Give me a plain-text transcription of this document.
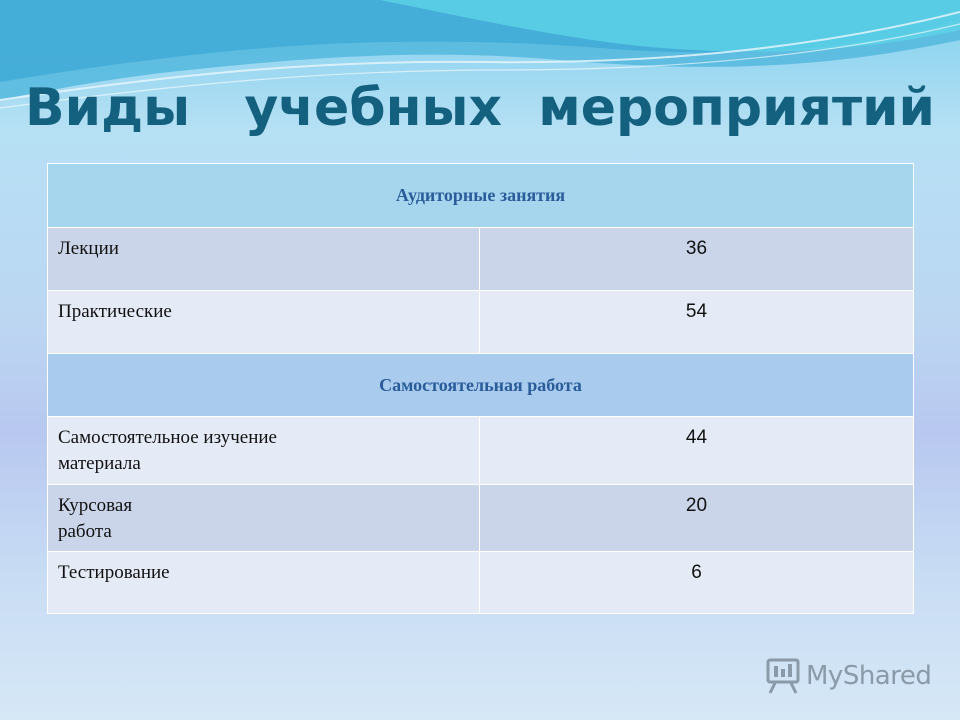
Виды   учебных  мероприятий
Аудиторные занятия	
Лекции	36
Практические	54
Самостоятельная работа	

Самостоятельное изучение
материала	44

Курсовая
работа	20
Тестирование	6
MyShared
